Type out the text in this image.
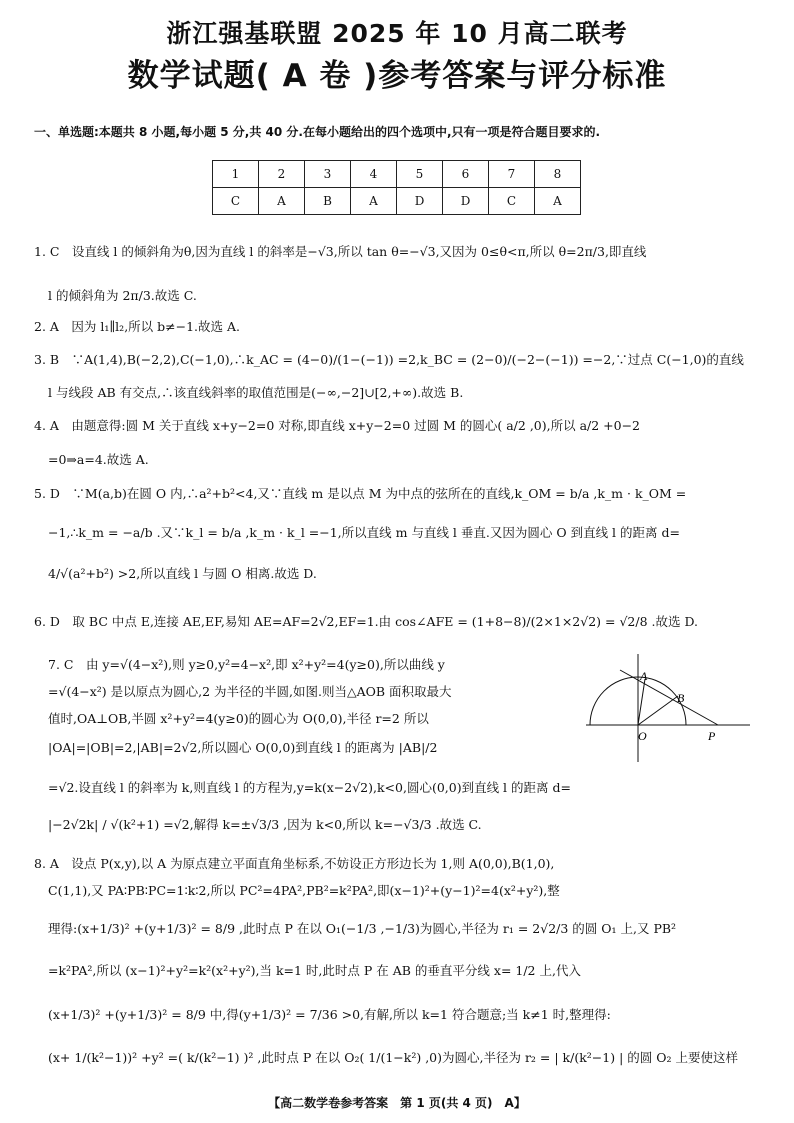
浙江强基联盟 2025 年 10 月高二联考
数学试题( A 卷 )参考答案与评分标准
一、单选题:本题共 8 小题,每小题 5 分,共 40 分.在每小题给出的四个选项中,只有一项是符合题目要求的.
1	2	3	4	5	6	7	8
C	A	B	A	D	D	C	A
1. C　设直线 l 的倾斜角为θ,因为直线 l 的斜率是−√3,所以 tan θ=−√3,又因为 0≤θ<π,所以 θ=2π/3,即直线
l 的倾斜角为 2π/3.故选 C.
2. A　因为 l₁∥l₂,所以 b≠−1.故选 A.
3. B　∵A(1,4),B(−2,2),C(−1,0),∴k_AC = (4−0)/(1−(−1)) =2,k_BC = (2−0)/(−2−(−1)) =−2,∵过点 C(−1,0)的直线
l 与线段 AB 有交点,∴该直线斜率的取值范围是(−∞,−2]∪[2,+∞).故选 B.
4. A　由题意得:圆 M 关于直线 x+y−2=0 对称,即直线 x+y−2=0 过圆 M 的圆心( a/2 ,0),所以 a/2 +0−2
=0⇒a=4.故选 A.
5. D　∵M(a,b)在圆 O 内,∴a²+b²<4,又∵直线 m 是以点 M 为中点的弦所在的直线,k_OM = b/a ,k_m · k_OM =
−1,∴k_m = −a/b .又∵k_l = b/a ,k_m · k_l =−1,所以直线 m 与直线 l 垂直.又因为圆心 O 到直线 l 的距离 d=
4/√(a²+b²) >2,所以直线 l 与圆 O 相离.故选 D.
6. D　取 BC 中点 E,连接 AE,EF,易知 AE=AF=2√2,EF=1.由 cos∠AFE = (1+8−8)/(2×1×2√2) = √2/8 .故选 D.
7. C　由 y=√(4−x²),则 y≥0,y²=4−x²,即 x²+y²=4(y≥0),所以曲线 y
=√(4−x²) 是以原点为圆心,2 为半径的半圆,如图.则当△AOB 面积取最大
值时,OA⊥OB,半圆 x²+y²=4(y≥0)的圆心为 O(0,0),半径 r=2 所以
|OA|=|OB|=2,|AB|=2√2,所以圆心 O(0,0)到直线 l 的距离为 |AB|/2
=√2.设直线 l 的斜率为 k,则直线 l 的方程为,y=k(x−2√2),k<0,圆心(0,0)到直线 l 的距离 d=
|−2√2k| / √(k²+1) =√2,解得 k=±√3/3 ,因为 k<0,所以 k=−√3/3 .故选 C.
A
B
O	P
8. A　设点 P(x,y),以 A 为原点建立平面直角坐标系,不妨设正方形边长为 1,则 A(0,0),B(1,0),
C(1,1),又 PA∶PB∶PC=1∶k∶2,所以 PC²=4PA²,PB²=k²PA²,即(x−1)²+(y−1)²=4(x²+y²),整
理得:(x+1/3)² +(y+1/3)² = 8/9 ,此时点 P 在以 O₁(−1/3 ,−1/3)为圆心,半径为 r₁ = 2√2/3 的圆 O₁ 上,又 PB²
=k²PA²,所以 (x−1)²+y²=k²(x²+y²),当 k=1 时,此时点 P 在 AB 的垂直平分线 x= 1/2 上,代入
(x+1/3)² +(y+1/3)² = 8/9 中,得(y+1/3)² = 7/36 >0,有解,所以 k=1 符合题意;当 k≠1 时,整理得:
(x+ 1/(k²−1))² +y² =( k/(k²−1) )² ,此时点 P 在以 O₂( 1/(1−k²) ,0)为圆心,半径为 r₂ = | k/(k²−1) | 的圆 O₂ 上要使这样
【高二数学卷参考答案　第 1 页(共 4 页)　A】
